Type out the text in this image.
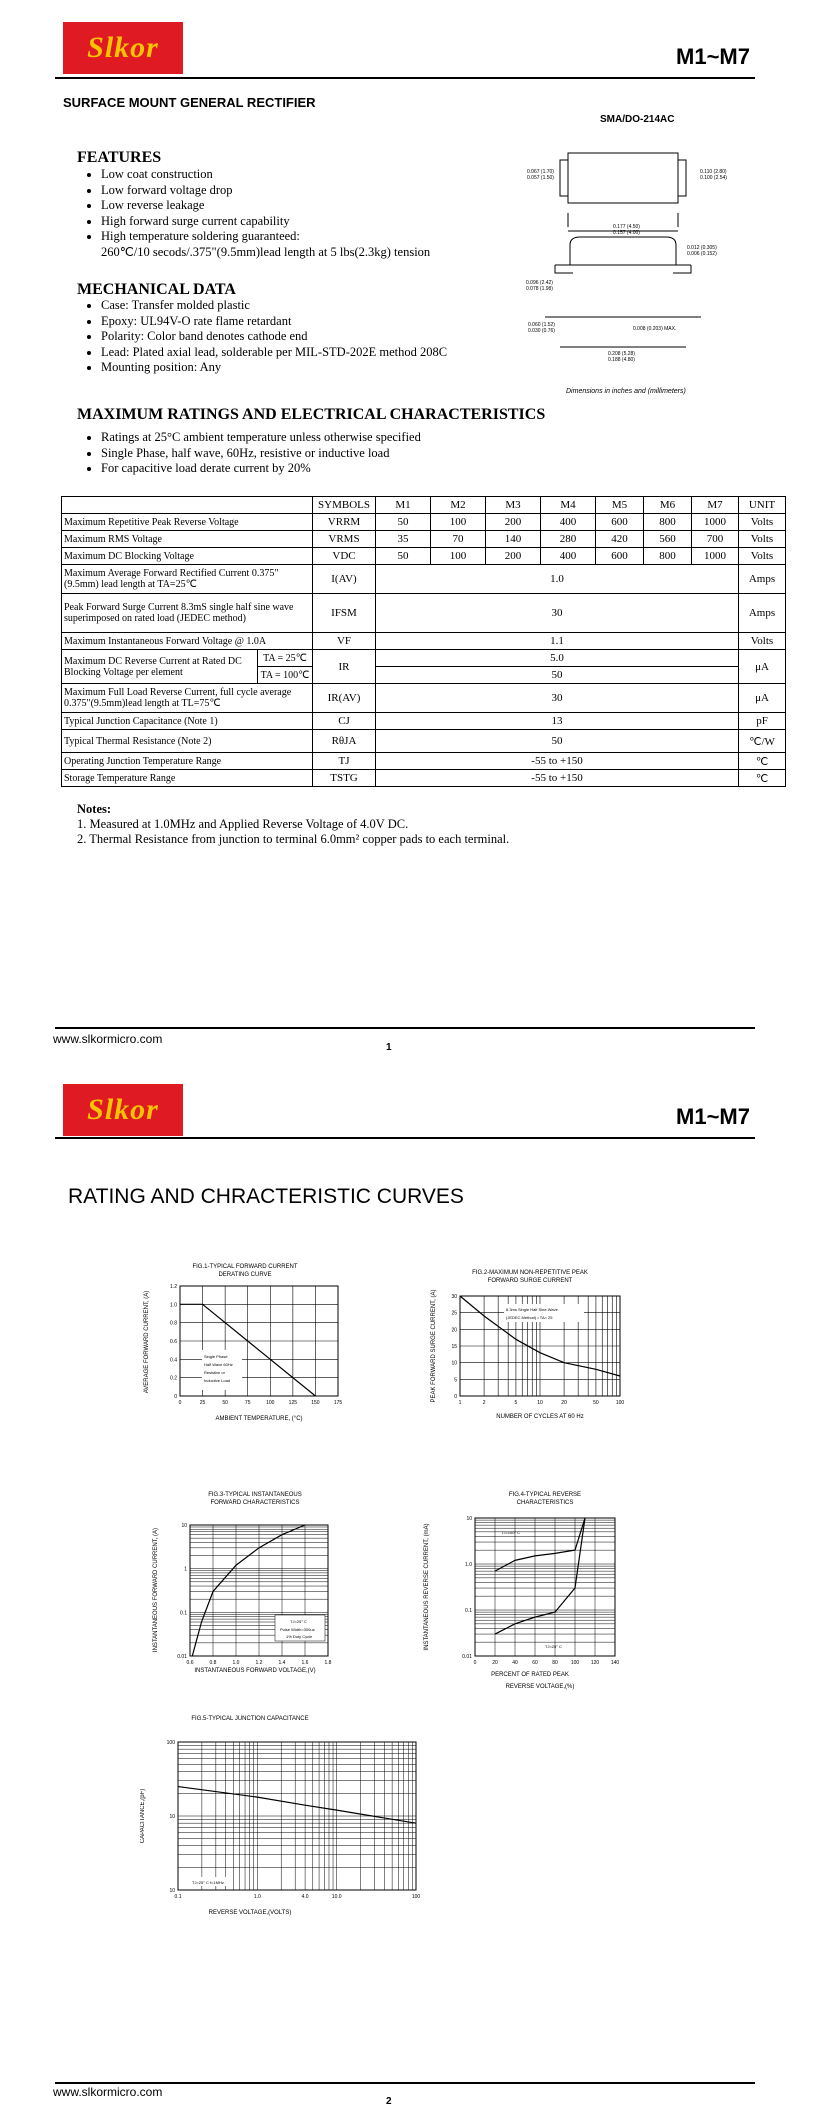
Slkor	M1~M7
SURFACE MOUNT GENERAL RECTIFIER
SMA/DO-214AC
0.067 (1.70)
0.057 (1.50)
0.110 (2.80)
0.100 (2.54)
0.177 (4.50)
0.157 (4.00)
0.012 (0.305)
0.006 (0.152)
0.096 (2.42)
0.078 (1.98)
0.060 (1.52)
0.030 (0.76)	0.008 (0.203) MAX.
0.208 (5.28)
0.188 (4.80)
Dimensions in inches and (millimeters)
FEATURES
• Low coat construction
• Low forward voltage drop
• Low reverse leakage
• High forward surge current capability
• High temperature soldering guaranteed:
260℃/10 secods/.375"(9.5mm)lead length at 5 lbs(2.3kg) tension
MECHANICAL DATA
• Case: Transfer molded plastic
• Epoxy: UL94V-O rate flame retardant
• Polarity: Color band denotes cathode end
• Lead: Plated axial lead, solderable per MIL-STD-202E method 208C
• Mounting position: Any
MAXIMUM RATINGS AND ELECTRICAL CHARACTERISTICS
• Ratings at 25°C ambient temperature unless otherwise specified
• Single Phase, half wave, 60Hz, resistive or inductive load
• For capacitive load derate current by 20%
		SYMBOLS	M1	M2	M3	M4	M5	M6	M7	UNIT
Maximum Repetitive Peak Reverse Voltage		VRRM	50	100	200	400	600	800	1000	Volts
Maximum RMS Voltage		VRMS	35	70	140	280	420	560	700	Volts
Maximum DC Blocking Voltage		VDC	50	100	200	400	600	800	1000	Volts
Maximum Average Forward Rectified Current 0.375"(9.5mm) lead length at TA=25℃		I(AV)	1.0							Amps
Peak Forward Surge Current 8.3mS single half sine wave superimposed on rated load (JEDEC method)		IFSM	30							Amps
Maximum Instantaneous Forward Voltage @ 1.0A		VF	1.1							Volts
Maximum DC Reverse Current at Rated DC Blocking Voltage per element	TA = 25℃	IR	5.0							μA
	TA = 100℃		50							
Maximum Full Load Reverse Current, full cycle average 0.375"(9.5mm)lead length at TL=75℃		IR(AV)	30							μA
Typical Junction Capacitance (Note 1)		CJ	13							pF
Typical Thermal Resistance (Note 2)		RθJA	50							℃/W
Operating Junction Temperature Range		TJ	-55 to +150							℃
Storage Temperature Range		TSTG	-55 to +150							℃
Notes:
1. Measured at 1.0MHz and Applied Reverse Voltage of 4.0V DC.
2. Thermal Resistance from junction to terminal 6.0mm² copper pads to each terminal.
www.slkormicro.com
1
Slkor	M1~M7
RATING AND CHRACTERISTIC CURVES
FIG.1-TYPICAL FORWARD CURRENT
DERATING CURVE
0	25	50	75	100	125	150	175
0
0.2
0.4
0.6
0.8
1.0
1.2
Single Phase
Half Wave 60Hz
Resistive or
Inductive Load
AMBIENT TEMPERATURE, (°C)
AVERAGE FORWARD CURRENT, (A)
FIG.2-MAXIMUM NON-REPETITIVE PEAK
FORWARD SURGE CURRENT
1	2	5	10	20	50	100
0
5
10
15
20
25
30
8.3ms Single Half Sine-Wave
(JEDEC Method) • TA= 25
NUMBER OF CYCLES AT 60 Hz
PEAK FORWARD SURGE CURRENT, (A)
FIG.3-TYPICAL INSTANTANEOUS
FORWARD CHARACTERISTICS
0.6	0.8	1.0	1.2	1.4	1.6	1.8
0.01
0.1
1
10
TJ=25° C
Pulse Width=300us
1% Duty Cycle
INSTANTANEOUS FORWARD VOLTAGE,(V)
INSTANTANEOUS FORWARD CURRENT, (A)
FIG.4-TYPICAL REVERSE
CHARACTERISTICS
0	20	40	60	80	100 120 140
0.01
0.1
1.0
10
TJ=100° C
TJ=25° C
PERCENT OF RATED PEAK
REVERSE VOLTAGE,(%)
INSTANTANEOUS REVERSE CURRENT, (mA)
FIG.5-TYPICAL JUNCTION CAPACITANCE
0.1	1.0	4.0	10.0	100
10
10
100
TJ=25° C f=1MHz
REVERSE VOLTAGE,(VOLTS)
CAPACITANCE,(pF)
www.slkormicro.com
2
